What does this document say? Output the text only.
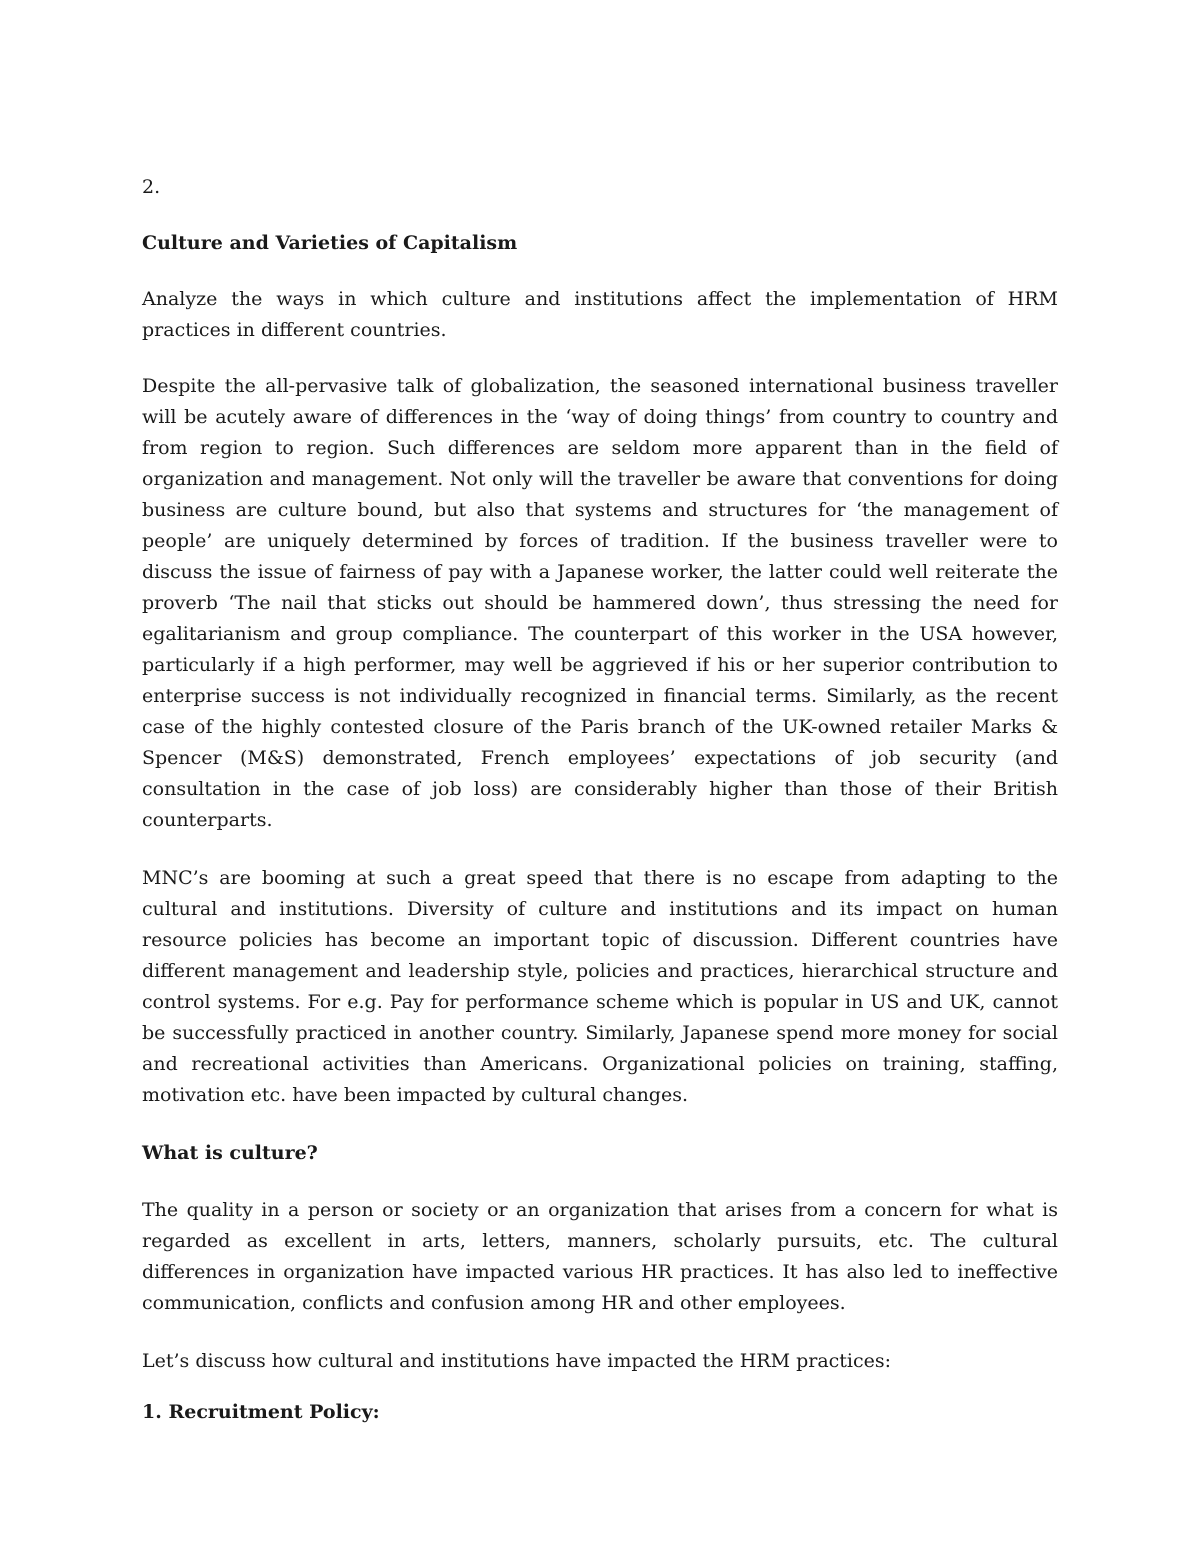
2.

Culture and Varieties of Capitalism

Analyze the ways in which culture and institutions affect the implementation of HRM practices in different countries.

Despite the all-pervasive talk of globalization, the seasoned international business traveller will be acutely aware of differences in the ‘way of doing things’ from country to country and from region to region. Such differences are seldom more apparent than in the field of organization and management. Not only will the traveller be aware that conventions for doing business are culture bound, but also that systems and structures for ‘the management of people’ are uniquely determined by forces of tradition. If the business traveller were to discuss the issue of fairness of pay with a Japanese worker, the latter could well reiterate the proverb ‘The nail that sticks out should be hammered down’, thus stressing the need for egalitarianism and group compliance. The counterpart of this worker in the USA however, particularly if a high performer, may well be aggrieved if his or her superior contribution to enterprise success is not individually recognized in financial terms. Similarly, as the recent case of the highly contested closure of the Paris branch of the UK-owned retailer Marks & Spencer (M&S) demonstrated, French employees’ expectations of job security (and consultation in the case of job loss) are considerably higher than those of their British counterparts.

MNC’s are booming at such a great speed that there is no escape from adapting to the cultural and institutions. Diversity of culture and institutions and its impact on human resource policies has become an important topic of discussion. Different countries have different management and leadership style, policies and practices, hierarchical structure and control systems. For e.g. Pay for performance scheme which is popular in US and UK, cannot be successfully practiced in another country. Similarly, Japanese spend more money for social and recreational activities than Americans. Organizational policies on training, staffing, motivation etc. have been impacted by cultural changes.

What is culture?

The quality in a person or society or an organization that arises from a concern for what is regarded as excellent in arts, letters, manners, scholarly pursuits, etc. The cultural differences in organization have impacted various HR practices. It has also led to ineffective communication, conflicts and confusion among HR and other employees.

Let’s discuss how cultural and institutions have impacted the HRM practices:

1. Recruitment Policy:
